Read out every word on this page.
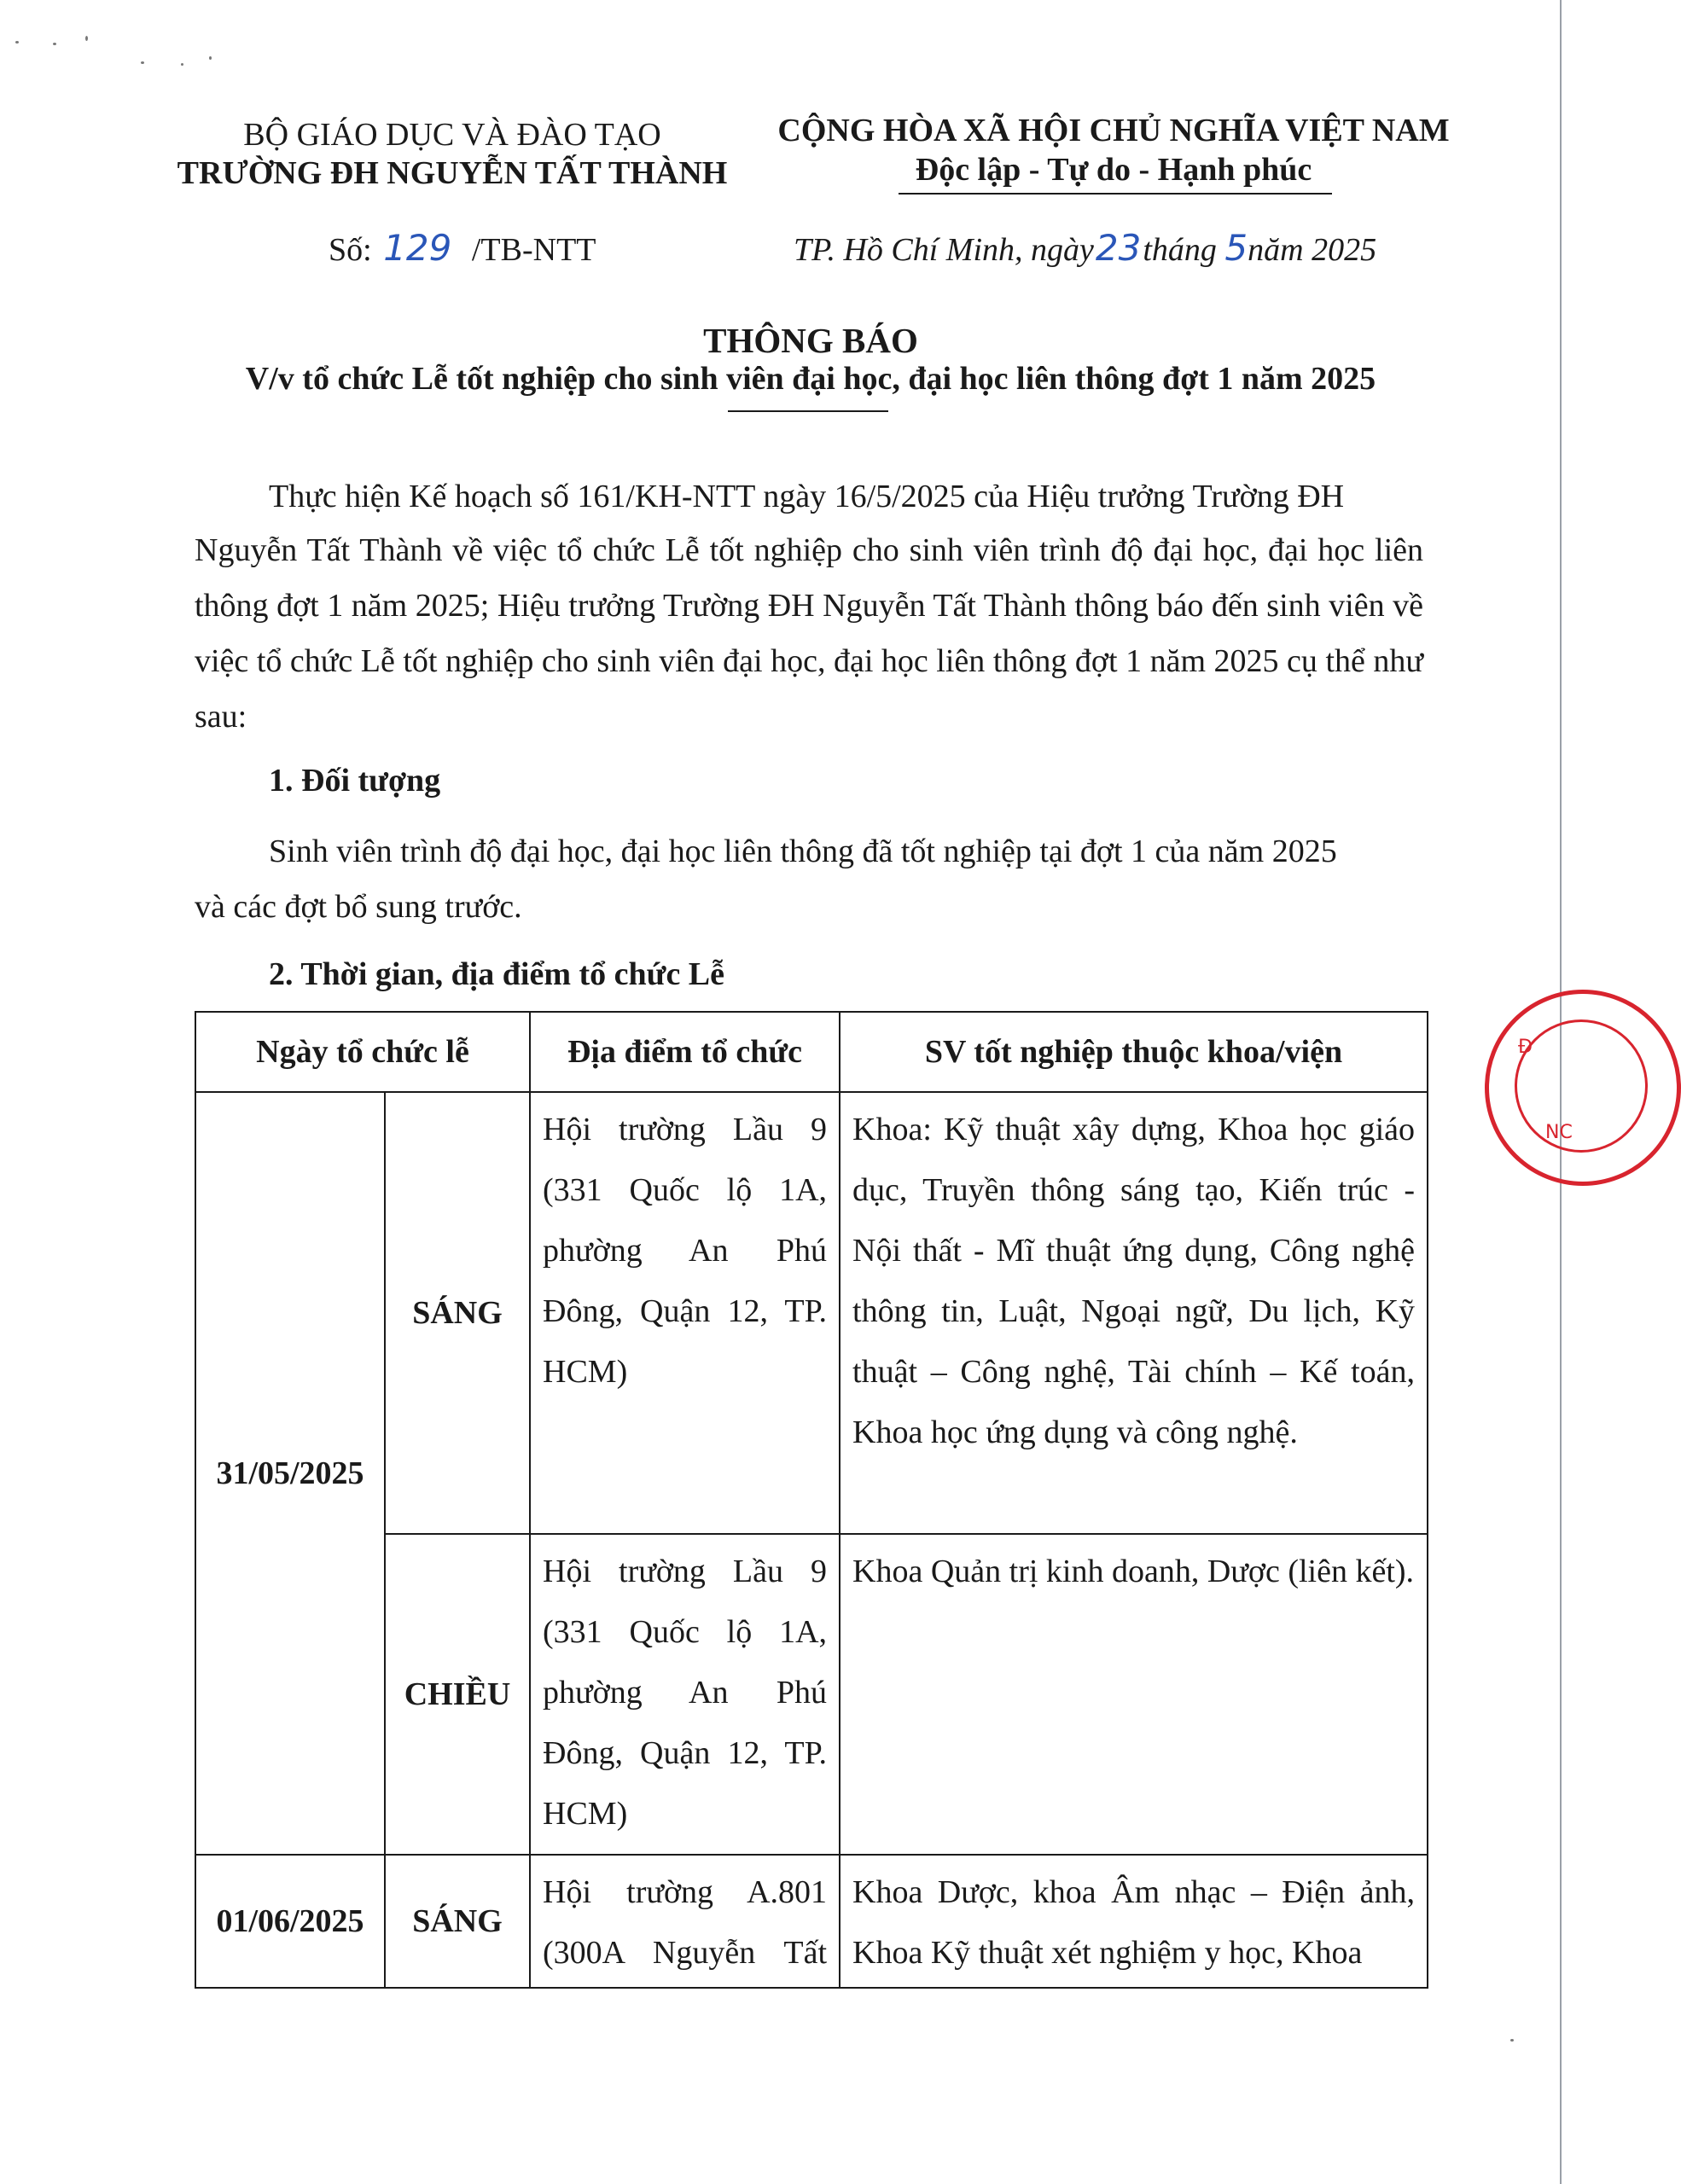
BỘ GIÁO DỤC VÀ ĐÀO TẠO
TRƯỜNG ĐH NGUYỄN TẤT THÀNH
CỘNG HÒA XÃ HỘI CHỦ NGHĨA VIỆT NAM
Độc lập - Tự do - Hạnh phúc
Số: 129 /TB-NTT	TP. Hồ Chí Minh, ngày23tháng 5năm 2025
THÔNG BÁO
V/v tổ chức Lễ tốt nghiệp cho sinh viên đại học, đại học liên thông đợt 1 năm 2025
Thực hiện Kế hoạch số 161/KH-NTT ngày 16/5/2025 của Hiệu trưởng Trường ĐH
Nguyễn Tất Thành về việc tổ chức Lễ tốt nghiệp cho sinh viên trình độ đại học, đại học liên thông đợt 1 năm 2025; Hiệu trưởng Trường ĐH Nguyễn Tất Thành thông báo đến sinh viên về việc tổ chức Lễ tốt nghiệp cho sinh viên đại học, đại học liên thông đợt 1 năm 2025 cụ thể như sau:
1. Đối tượng
Sinh viên trình độ đại học, đại học liên thông đã tốt nghiệp tại đợt 1 của năm 2025
và các đợt bổ sung trước.
2. Thời gian, địa điểm tổ chức Lễ
Ngày tổ chức lễ		Địa điểm tổ chức	SV tốt nghiệp thuộc khoa/viện
31/05/2025	SÁNG	Hội trường Lầu 9 (331 Quốc lộ 1A, phường An Phú Đông, Quận 12, TP. HCM)	Khoa: Kỹ thuật xây dựng, Khoa học giáo dục, Truyền thông sáng tạo, Kiến trúc - Nội thất - Mĩ thuật ứng dụng, Công nghệ thông tin, Luật, Ngoại ngữ, Du lịch, Kỹ thuật – Công nghệ, Tài chính – Kế toán, Khoa học ứng dụng và công nghệ.
	CHIỀU	Hội trường Lầu 9 (331 Quốc lộ 1A, phường An Phú Đông, Quận 12, TP. HCM)	Khoa Quản trị kinh doanh, Dược (liên kết).
01/06/2025	SÁNG	Hội trường A.801 (300A Nguyễn Tất	Khoa Dược, khoa Âm nhạc – Điện ảnh, Khoa Kỹ thuật xét nghiệm y học, Khoa
Ð
NC
